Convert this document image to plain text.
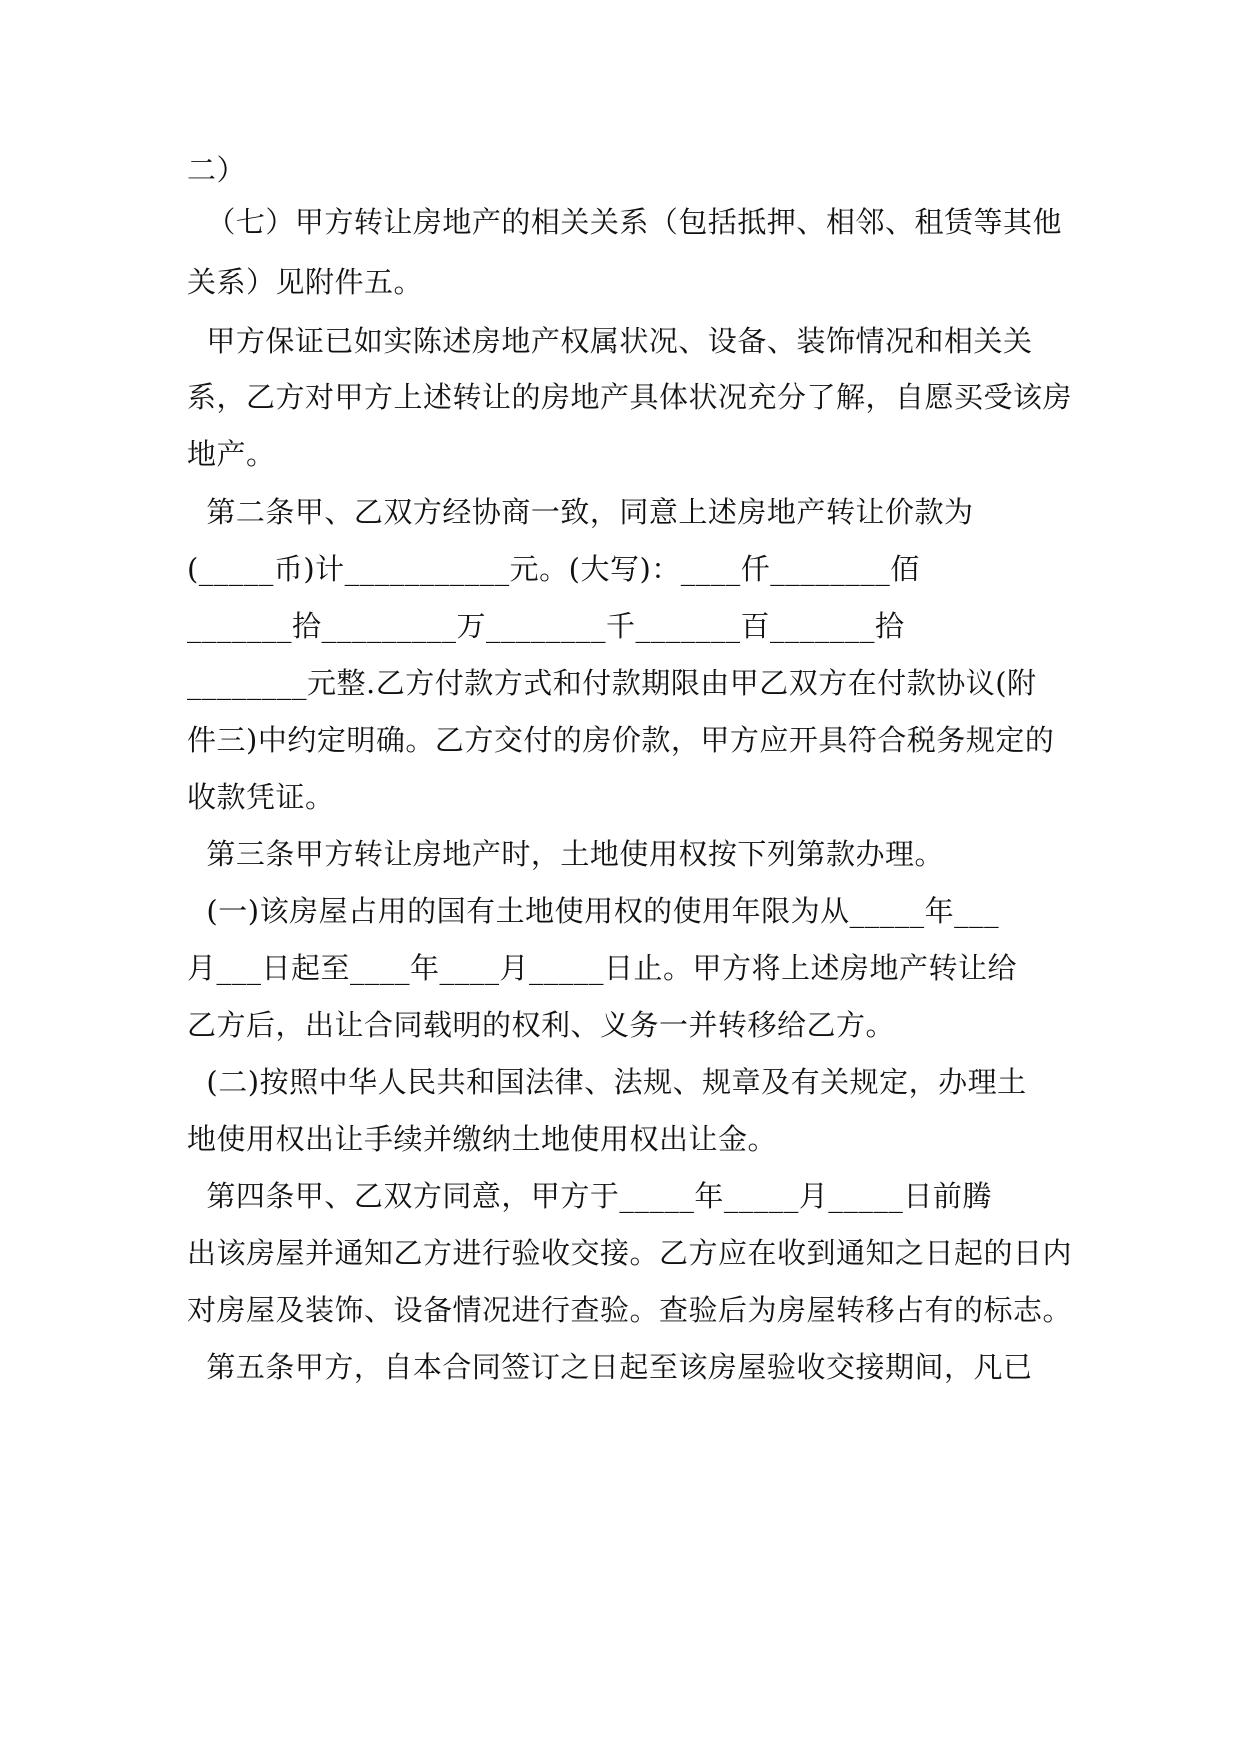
二）
（七）甲方转让房地产的相关关系（包括抵押、相邻、租赁等其他
关系）见附件五。
甲方保证已如实陈述房地产权属状况、设备、装饰情况和相关关
系，乙方对甲方上述转让的房地产具体状况充分了解，自愿买受该房
地产。
第二条甲、乙双方经协商一致，同意上述房地产转让价款为
(_____币)计___________元。(大写)：____仟________佰
_______拾_________万________千_______百_______拾
________元整.乙方付款方式和付款期限由甲乙双方在付款协议(附
件三)中约定明确。乙方交付的房价款，甲方应开具符合税务规定的
收款凭证。
第三条甲方转让房地产时，土地使用权按下列第款办理。
(一)该房屋占用的国有土地使用权的使用年限为从_____年___
月___日起至____年____月_____日止。甲方将上述房地产转让给
乙方后，出让合同载明的权利、义务一并转移给乙方。
(二)按照中华人民共和国法律、法规、规章及有关规定，办理土
地使用权出让手续并缴纳土地使用权出让金。
第四条甲、乙双方同意，甲方于_____年_____月_____日前腾
出该房屋并通知乙方进行验收交接。乙方应在收到通知之日起的日内
对房屋及装饰、设备情况进行查验。查验后为房屋转移占有的标志。
第五条甲方，自本合同签订之日起至该房屋验收交接期间，凡已
